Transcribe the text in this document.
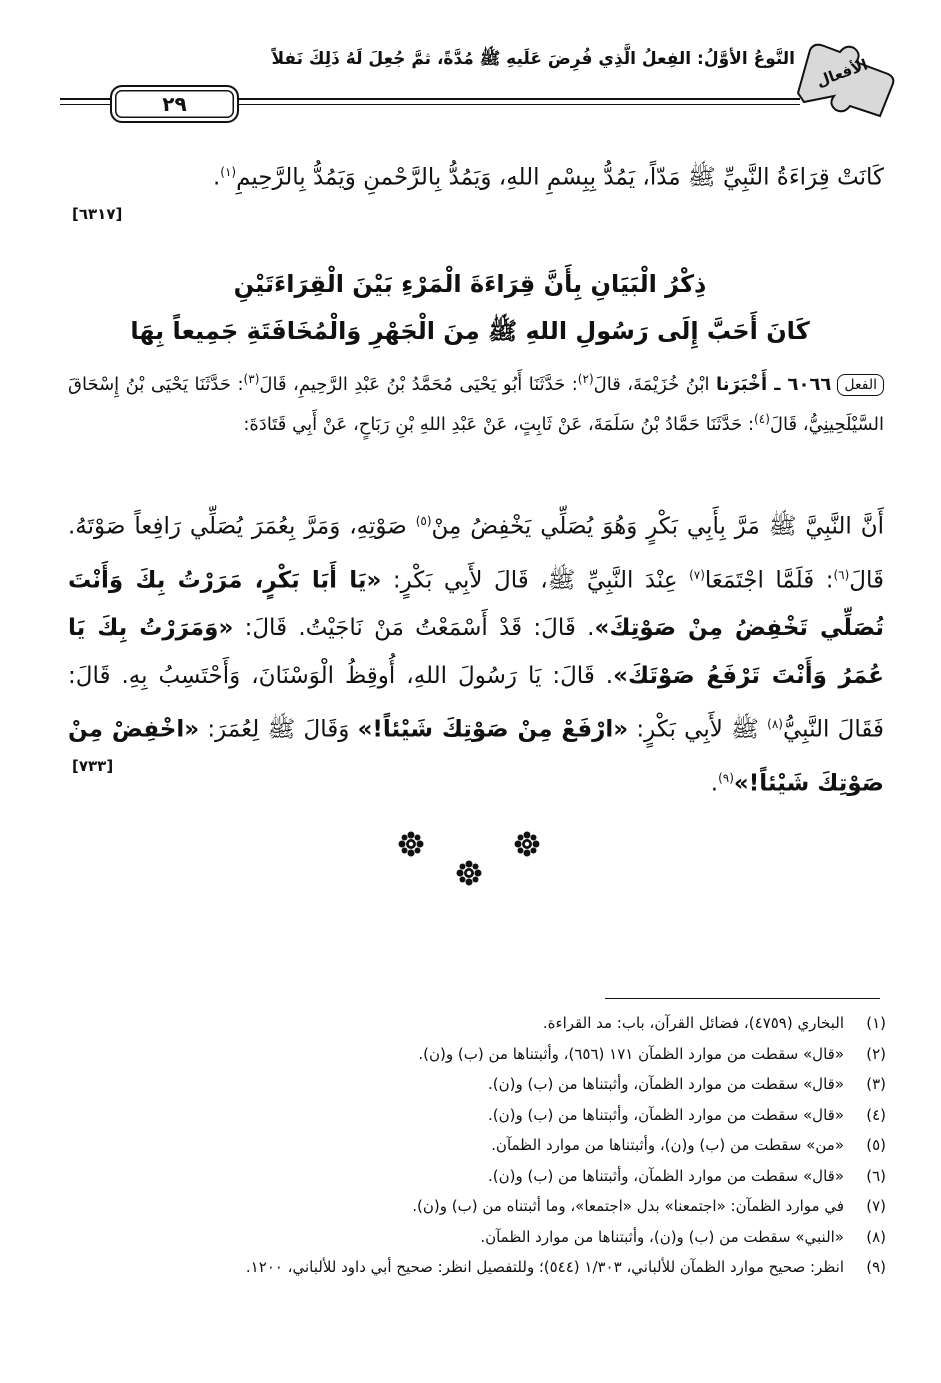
الأفعال
النَّوعُ الأوَّلُ: الفِعلُ الَّذِي فُرِضَ عَلَيهِ ﷺ مُدَّةً، ثمَّ جُعِلَ لَهُ ذَلِكَ نَفلاً
٢٩
كَانَتْ قِرَاءَةُ النَّبِيِّ ﷺ مَدّاً، يَمُدُّ بِبِسْمِ اللهِ، وَيَمُدُّ بِالرَّحْمنِ وَيَمُدُّ بِالرَّحِيمِ$^{(١)}$.
[٦٣١٧]
ذِكْرُ الْبَيَانِ بِأَنَّ قِرَاءَةَ الْمَرْءِ بَيْنَ الْقِرَاءَتَيْنِ
كَانَ أَحَبَّ إِلَى رَسُولِ اللهِ ﷺ مِنَ الْجَهْرِ وَالْمُخَافَتَةِ جَمِيعاً بِهَا
الفعل٦٠٦٦ ـ أَخْبَرَنا ابْنُ خُزَيْمَةَ، قالَ$^{(٢)}$: حَدَّثَنَا أَبُو يَحْيَى مُحَمَّدُ بْنُ عَبْدِ الرَّحِيمِ، قَالَ$^{(٣)}$: حَدَّثَنَا يَحْيَى بْنُ إِسْحَاقَ السَّيْلَحِينِيُّ، قَالَ$^{(٤)}$: حَدَّثَنَا حَمَّادُ بْنُ سَلَمَةَ، عَنْ ثَابِتٍ، عَنْ عَبْدِ اللهِ بْنِ رَبَاحٍ، عَنْ أَبِي قَتَادَةَ:
أَنَّ النَّبِيَّ ﷺ مَرَّ بِأَبِي بَكْرٍ وَهُوَ يُصَلِّي يَخْفِضُ مِنْ$^{(٥)}$ صَوْتِهِ، وَمَرَّ بِعُمَرَ يُصَلِّي رَافِعاً صَوْتَهُ. قَالَ$^{(٦)}$: فَلَمَّا اجْتَمَعَا$^{(٧)}$ عِنْدَ النَّبِيِّ ﷺ، قَالَ لأَبِي بَكْرٍ: «يَا أَبَا بَكْرٍ، مَرَرْتُ بِكَ وَأَنْتَ تُصَلِّي تَخْفِضُ مِنْ صَوْتِكَ». قَالَ: قَدْ أَسْمَعْتُ مَنْ نَاجَيْتُ. قَالَ: «وَمَرَرْتُ بِكَ يَا عُمَرُ وَأَنْتَ تَرْفَعُ صَوْتَكَ». قَالَ: يَا رَسُولَ اللهِ، أُوقِظُ الْوَسْنَانَ، وَأَحْتَسِبُ بِهِ. قَالَ: فَقَالَ النَّبِيُّ$^{(٨)}$ ﷺ لأَبِي بَكْرٍ: «ارْفَعْ مِنْ صَوْتِكَ شَيْئاً!» وَقَالَ ﷺ لِعُمَرَ: «اخْفِضْ مِنْ صَوْتِكَ شَيْئاً!»$^{(٩)}$.
[٧٣٣]
(١)
البخاري (٤٧٥٩)، فضائل القرآن، باب: مد القراءة.
(٢)
«قال» سقطت من موارد الظمآن ١٧١ (٦٥٦)، وأثبتناها من (ب) و(ن).
(٣)
«قال» سقطت من موارد الظمآن، وأثبتناها من (ب) و(ن).
(٤)
«قال» سقطت من موارد الظمآن، وأثبتناها من (ب) و(ن).
(٥)
«من» سقطت من (ب) و(ن)، وأثبتناها من موارد الظمآن.
(٦)
«قال» سقطت من موارد الظمآن، وأثبتناها من (ب) و(ن).
(٧)
في موارد الظمآن: «اجتمعنا» بدل «اجتمعا»، وما أثبتناه من (ب) و(ن).
(٨)
«النبي» سقطت من (ب) و(ن)، وأثبتناها من موارد الظمآن.
(٩)
انظر: صحيح موارد الظمآن للألباني، ١/٣٠٣ (٥٤٤)؛ وللتفصيل انظر: صحيح أبي داود للألباني، ١٢٠٠.
